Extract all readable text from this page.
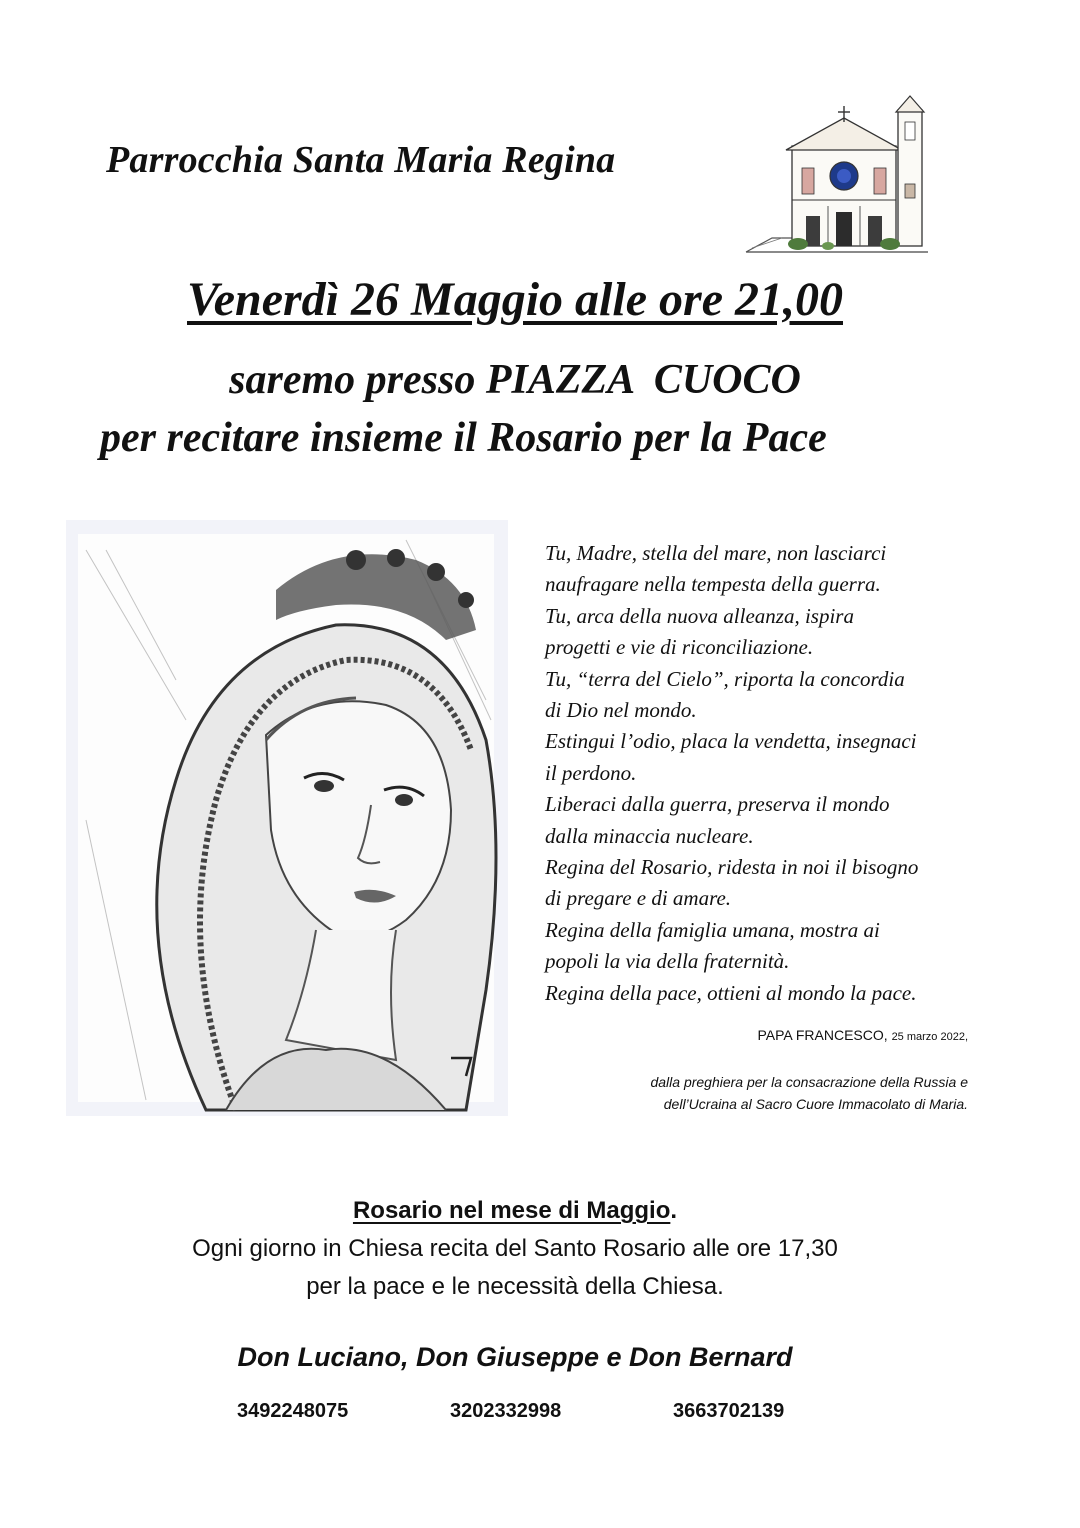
Parrocchia Santa Maria Regina
Venerdì 26 Maggio alle ore 21,00
saremo presso PIAZZA  CUOCO
per recitare insieme il Rosario per la Pace
Tu, Madre, stella del mare, non lasciarci
naufragare nella tempesta della guerra.
Tu, arca della nuova alleanza, ispira
progetti e vie di riconciliazione.
Tu, “terra del Cielo”, riporta la concordia
di Dio nel mondo.
Estingui l’odio, placa la vendetta, insegnaci
il perdono.
Liberaci dalla guerra, preserva il mondo
dalla minaccia nucleare.
Regina del Rosario, ridesta in noi il bisogno
di pregare e di amare.
Regina della famiglia umana, mostra ai
popoli la via della fraternità.
Regina della pace, ottieni al mondo la pace.
PAPA FRANCESCO, 25 marzo 2022,
dalla preghiera per la consacrazione della Russia e
dell’Ucraina al Sacro Cuore Immacolato di Maria.
Rosario nel mese di Maggio.
Ogni giorno in Chiesa recita del Santo Rosario alle ore 17,30
per la pace e le necessità della Chiesa.
Don Luciano, Don Giuseppe e Don Bernard
3492248075	3202332998	3663702139
